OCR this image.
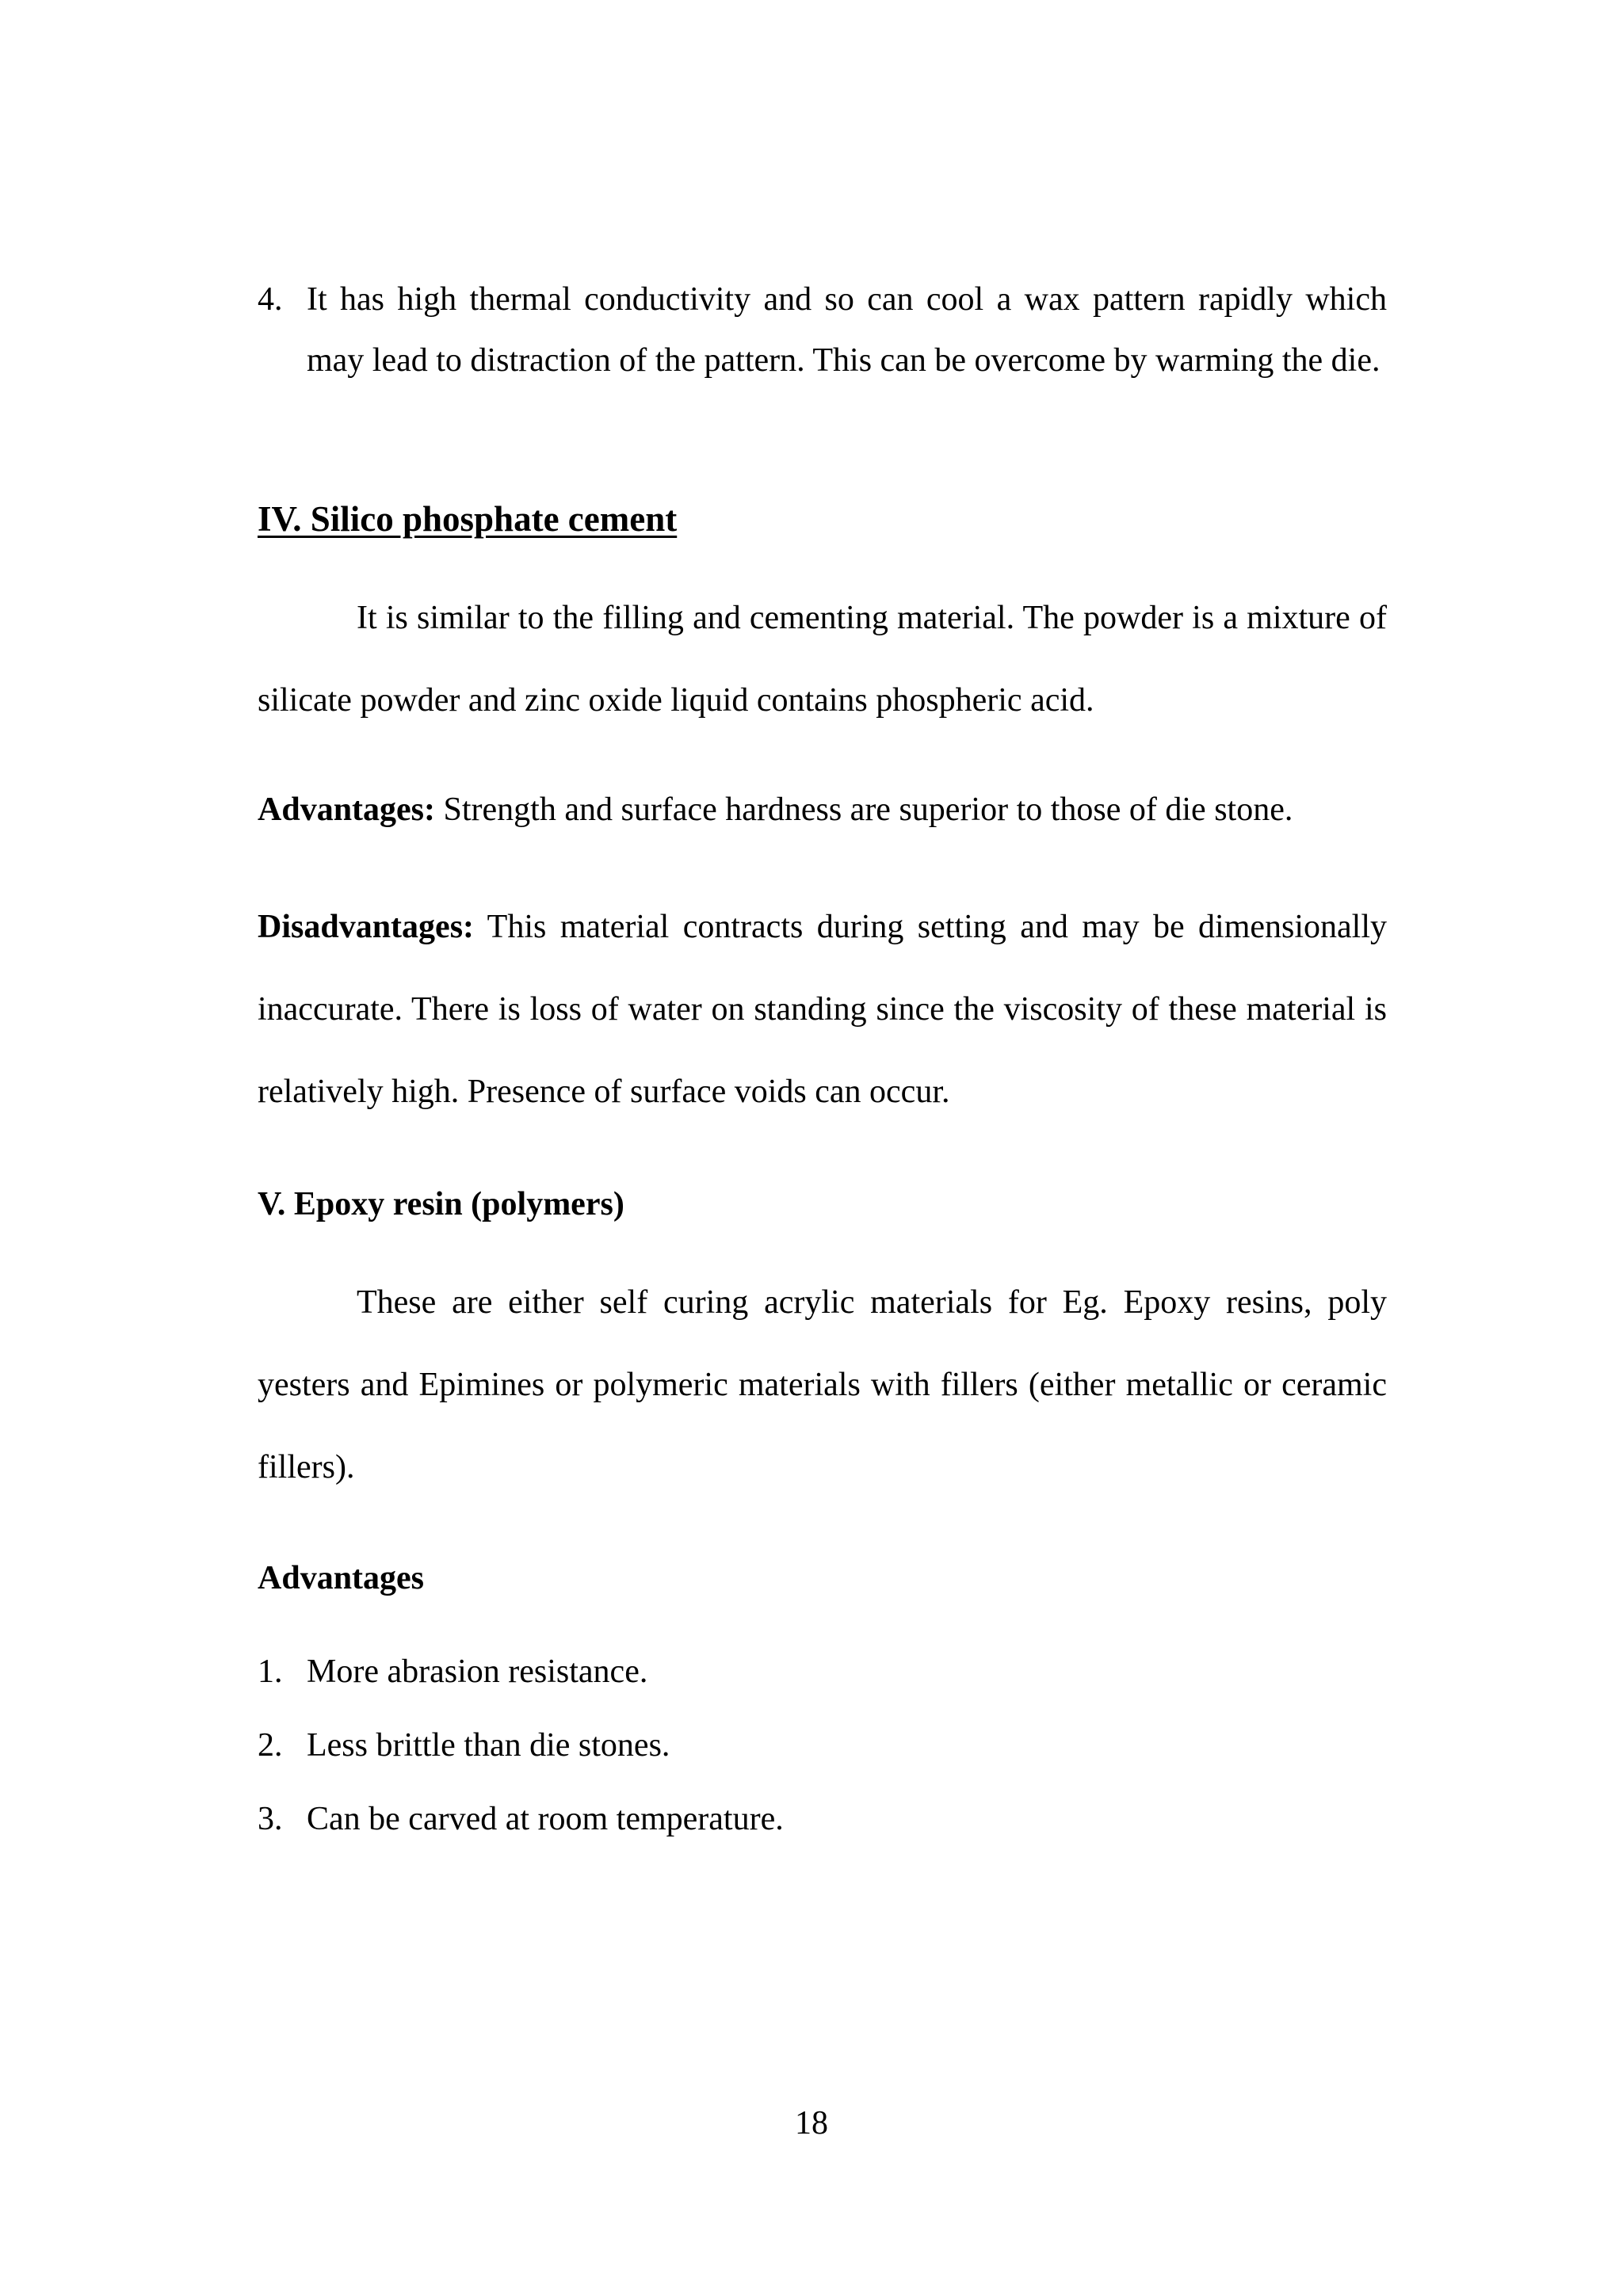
4. It has high thermal conductivity and so can cool a wax pattern rapidly which may lead to distraction of the pattern. This can be overcome by warming the die.
IV. Silico phosphate cement
It is similar to the filling and cementing material. The powder is a mixture of silicate powder and zinc oxide liquid contains phospheric acid.
Advantages: Strength and surface hardness are superior to those of die stone.
Disadvantages: This material contracts during setting and may be dimensionally inaccurate. There is loss of water on standing since the viscosity of these material is relatively high. Presence of surface voids can occur.
V. Epoxy resin (polymers)
These are either self curing acrylic materials for Eg. Epoxy resins, poly yesters and Epimines or polymeric materials with fillers (either metallic or ceramic fillers).
Advantages
1. More abrasion resistance.
2. Less brittle than die stones.
3. Can be carved at room temperature.
18
